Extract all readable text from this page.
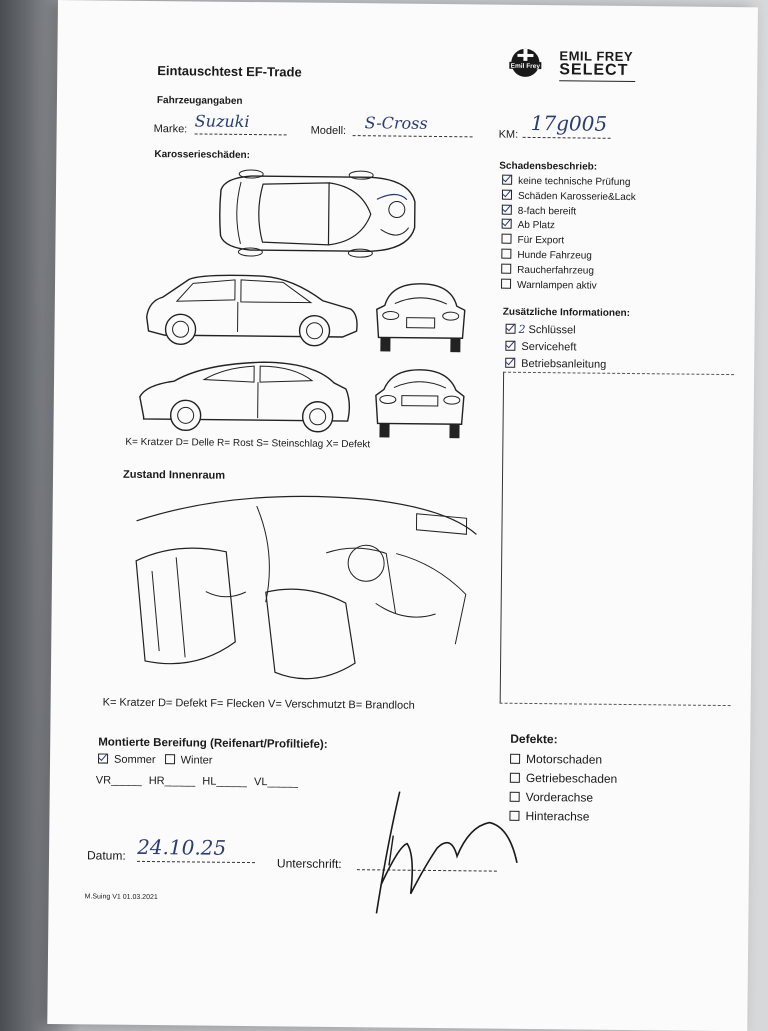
Eintauschtest EF-Trade	Emil Frey
EMIL FREY
SELECT
Fahrzeugangaben
Marke: Suzuki	Modell:	S-Cross
KM: 17g005
Karosserieschäden:
K= Kratzer D= Delle R= Rost S= Steinschlag X= Defekt
Schadensbeschrieb:
keine technische Prüfung
Schäden Karosserie&Lack
8-fach bereift
Ab Platz
Für Export
Hunde Fahrzeug
Raucherfahrzeug
Warnlampen aktiv
Zusätzliche Informationen:
2 Schlüssel
Serviceheft
Betriebsanleitung
Zustand Innenraum
K= Kratzer D= Defekt F= Flecken V= Verschmutzt B= Brandloch
Montierte Bereifung (Reifenart/Profiltiefe):
Sommer Winter
VR_____ HR_____ HL_____ VL_____
Defekte:
Motorschaden
Getriebeschaden
Vorderachse
Hinterachse
Datum: 24.10.25
Unterschrift:
M.Suing V1 01.03.2021
